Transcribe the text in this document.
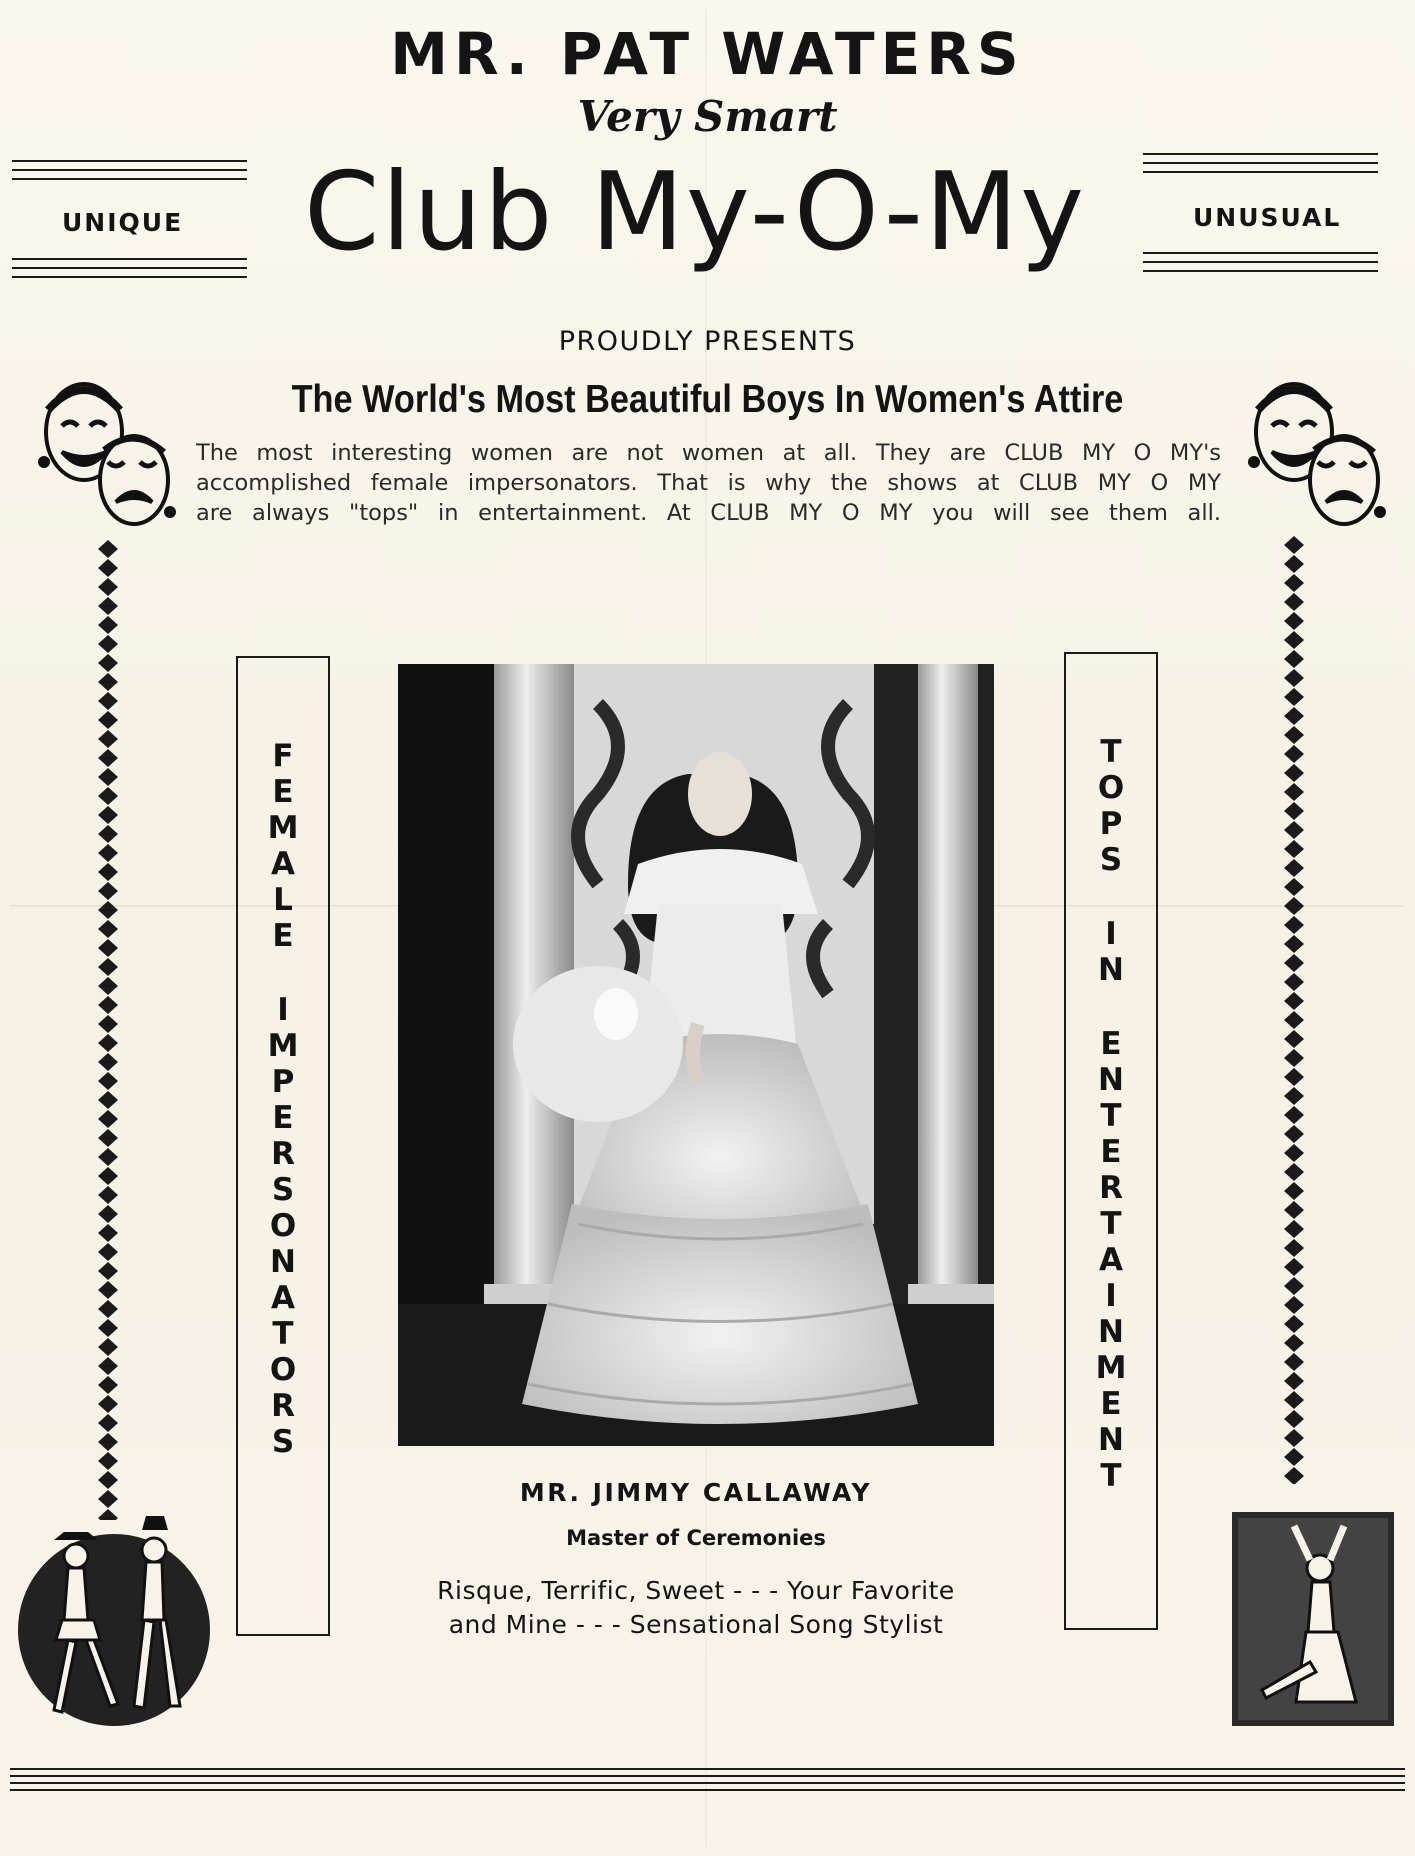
MR. PAT WATERS
Very Smart
UNIQUE	UNUSUAL
Club My-O-My
PROUDLY PRESENTS
The World's Most Beautiful Boys In Women's Attire
The most interesting women are not women at all. They are CLUB MY O MY's
accomplished female impersonators. That is why the shows at CLUB MY O MY
are always "tops" in entertainment. At CLUB MY O MY you will see them all.
F
E
M
A
L
E
I
M
P
E
R
S
O
N
A
T
O
R
S
T
O
P
S
I
N
E
N
T
E
R
T
A
I
N
M
E
N
T
MR. JIMMY CALLAWAY
Master of Ceremonies
Risque, Terrific, Sweet - - - Your Favorite
and Mine - - - Sensational Song Stylist
